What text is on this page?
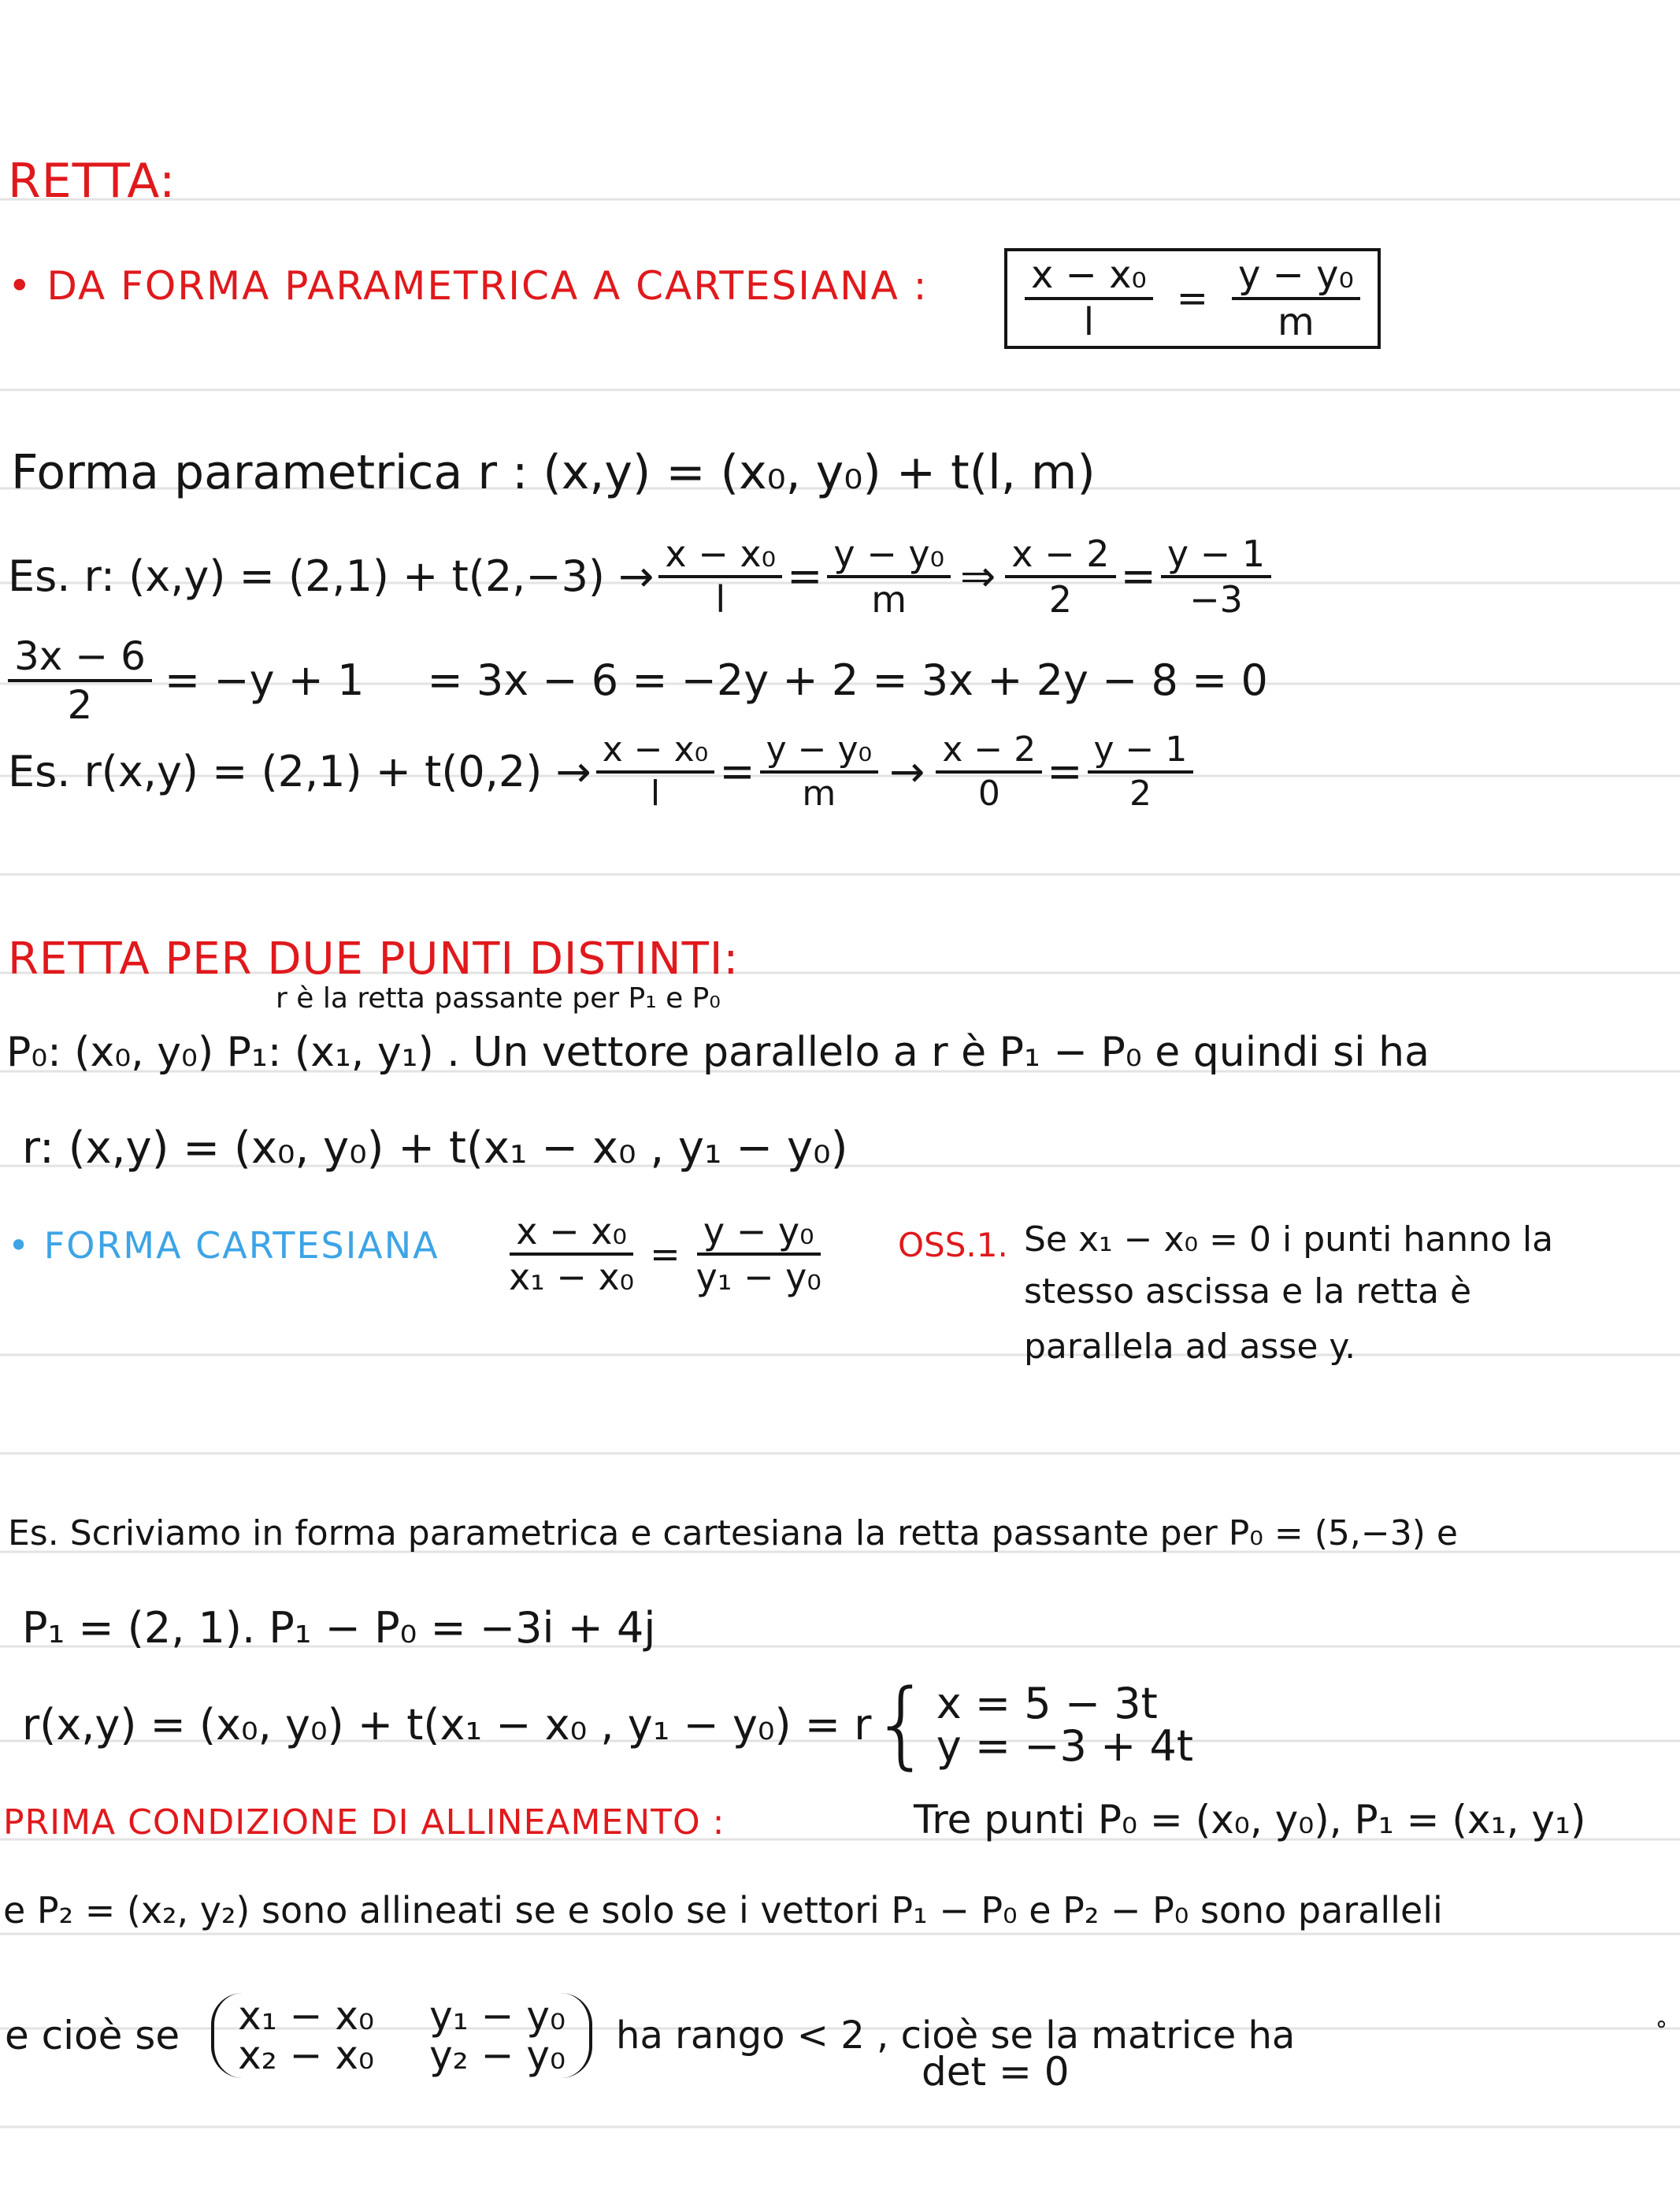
RETTA:
• DA FORMA PARAMETRICA A CARTESIANA :	$\frac{\text{x − x₀}}{l} = \frac{\text{y − y₀}}{m}$
Forma parametrica r : (x,y) = (x₀, y₀) + t(l, m)
Es. r: $(x,y) = (2,1) + t(2,-3) \to \frac{\text{x − x₀}}{l} = \frac{\text{y − y₀}}{m}$ ⇒ $\frac{x - 2}{2} = \frac{y - 1}{-3}$
$\frac{3x - 6}{2} = -y + 1 = 3x - 6 = -2y + 2 = 3x + 2y - 8 = 0$
Es. $r(x,y) = (2,1) + t(0,2) \to \frac{\text{x − x₀}}{l} = \frac{\text{y − y₀}}{m} \to \frac{x - 2}{0} = \frac{y - 1}{2}$
RETTA PER DUE PUNTI DISTINTI:
r è la retta passante per P₁ e P₀
P₀: (x₀, y₀) P₁: (x₁, y₁) . Un vettore parallelo a r è P₁ − P₀ e quindi si ha
r: (x,y) = (x₀, y₀) + t(x₁ − x₀ , y₁ − y₀)
• FORMA CARTESIANA $\frac{\text{x − x₀}}{\text{x₁ − x₀}} = \frac{\text{y − y₀}}{\text{y₁ − y₀}} OSS.1$. Se x₁ − x₀ = 0 i punti hanno la
stesso ascissa e la retta è
parallela ad asse y.
Es. Scriviamo in forma parametrica e cartesiana la retta passante per P₀ = (5,−3) e
P₁ = (2, 1). P₁ − P₀ = −3i + 4j
r(x,y) = (x₀, y₀) + t(x₁ − x₀ , y₁ − y₀) = r { x = 5 − 3t
y = −3 + 4t
PRIMA CONDIZIONE DI ALLINEAMENTO :	Tre punti P₀ = (x₀, y₀), P₁ = (x₁, y₁)
e P₂ = (x₂, y₂) sono allineati se e solo se i vettori P₁ − P₀ e P₂ − P₀ sono paralleli
e cioè se x₁ − x₀ y₁ − y₀
x₂ − x₀ y₂ − y₀ ha rango < 2 , cioè se la matrice ha
det = 0
∘
